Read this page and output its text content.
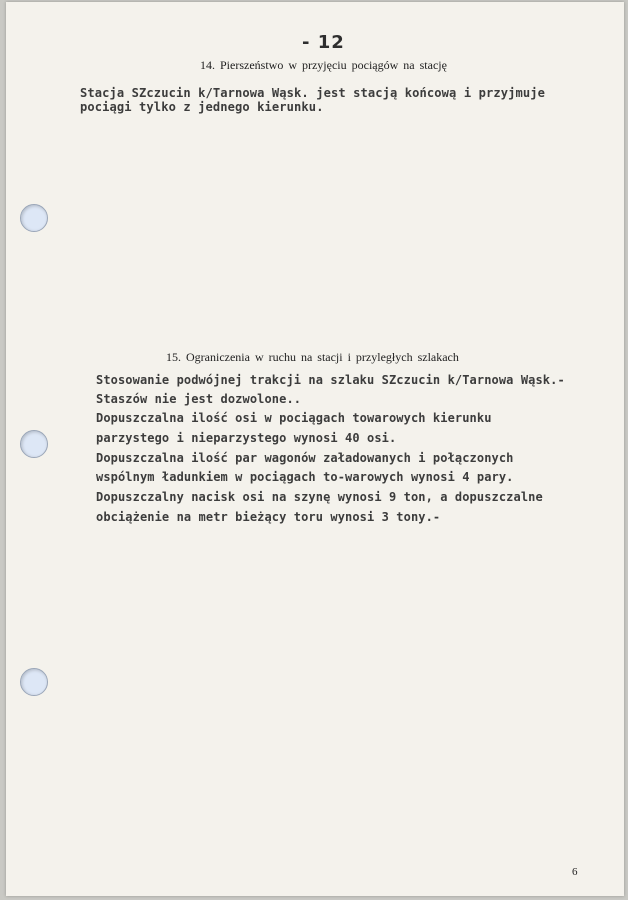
- 12
14. Pierszeństwo w przyjęciu pociągów na stację
Stacja SZczucin k/Tarnowa Wąsk. jest stacją końcową i przyjmuje
pociągi tylko z jednego kierunku.
15. Ograniczenia w ruchu na stacji i przyległych szlakach
Stosowanie podwójnej trakcji na szlaku SZczucin k/Tarnowa Wąsk.-
Staszów nie jest dozwolone..
Dopuszczalna ilość osi w pociągach towarowych kierunku
parzystego i nieparzystego wynosi 40 osi.
Dopuszczalna ilość par wagonów załadowanych i połączonych
wspólnym ładunkiem w pociągach to-warowych wynosi 4 pary.
Dopuszczalny nacisk osi na szynę wynosi 9 ton, a dopuszczalne
obciążenie na metr bieżący toru wynosi 3 tony.-
6
